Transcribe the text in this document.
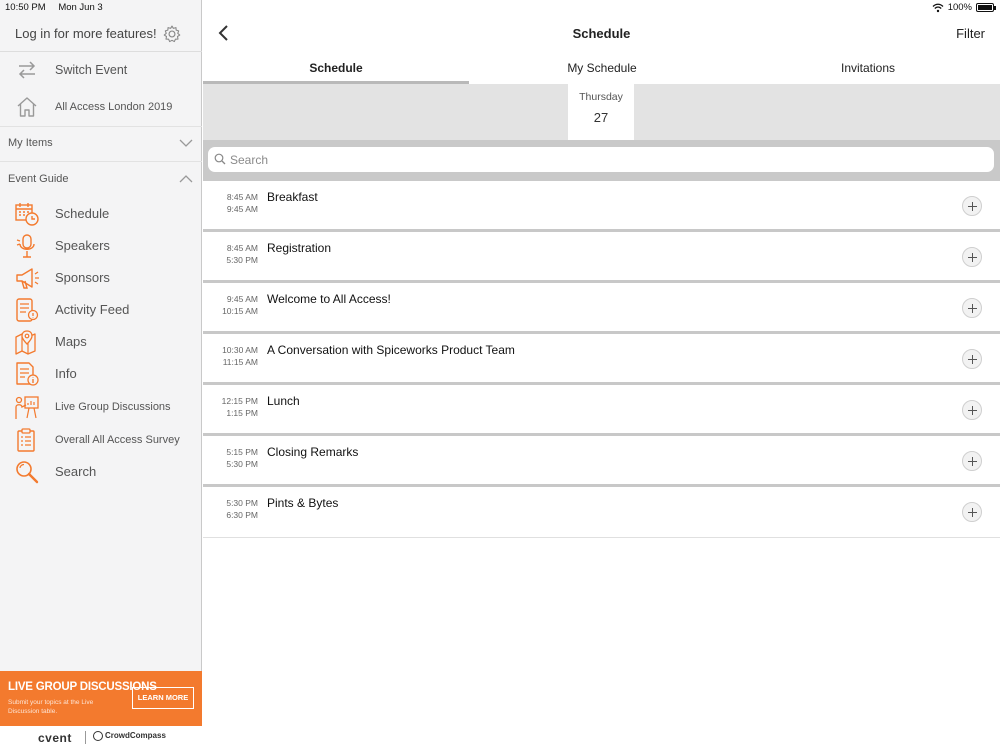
10:50 PM Mon Jun 3
Log in for more features!
Switch Event
All Access London 2019
My Items
Event Guide
Schedule
Speakers
Sponsors
Activity Feed
Maps
Info
Live Group Discussions
Overall All Access Survey
Search
LIVE GROUP DISCUSSIONS
Submit your topics at the Live Discussion table.
LEARN MORE
cvent	CrowdCompass
100%
Schedule	Filter
Schedule	My Schedule	Invitations
Thursday
27
Search
8:45 AM
9:45 AM
Breakfast
8:45 AM
5:30 PM
Registration
9:45 AM
10:15 AM
Welcome to All Access!
10:30 AM
11:15 AM
A Conversation with Spiceworks Product Team
12:15 PM
1:15 PM
Lunch
5:15 PM
5:30 PM
Closing Remarks
5:30 PM
6:30 PM
Pints & Bytes
